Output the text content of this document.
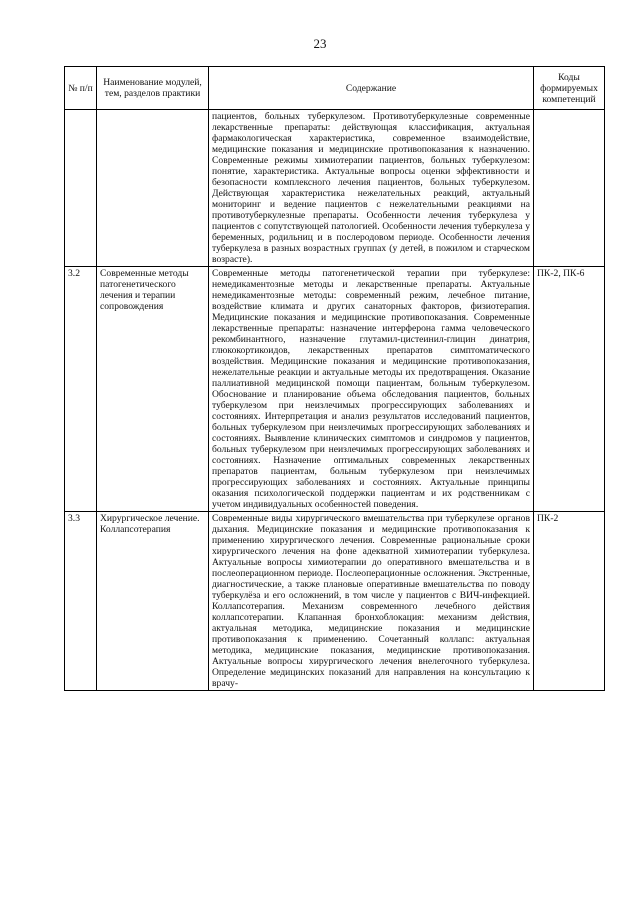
23
№ п/п	Наименование модулей, тем, разделов практики	Содержание	Коды формируемых компетенций
		пациентов, больных туберкулезом. Противотуберкулезные современные лекарственные препараты: действующая классификация, актуальная фармакологическая характеристика, современное взаимодействие, медицинские показания и медицинские противопоказания к назначению. Современные режимы химиотерапии пациентов, больных туберкулезом: понятие, характеристика. Актуальные вопросы оценки эффективности и безопасности комплексного лечения пациентов, больных туберкулезом. Действующая характеристика нежелательных реакций, актуальный мониторинг и ведение пациентов с нежелательными реакциями на противотуберкулезные препараты. Особенности лечения туберкулеза у пациентов с сопутствующей патологией. Особенности лечения туберкулеза у беременных, родильниц и в послеродовом периоде. Особенности лечения туберкулеза в разных возрастных группах (у детей, в пожилом и старческом возрасте).	
3.2	Современные методы патогенетического лечения и терапии сопровождения	Современные методы патогенетической терапии при туберкулезе: немедикаментозные методы и лекарственные препараты. Актуальные немедикаментозные методы: современный режим, лечебное питание, воздействие климата и других санаторных факторов, физиотерапия. Медицинские показания и медицинские противопоказания. Современные лекарственные препараты: назначение интерферона гамма человеческого рекомбинантного, назначение глутамил-цистеинил-глицин динатрия, глюкокортикоидов, лекарственных препаратов симптоматического воздействия. Медицинские показания и медицинские противопоказания, нежелательные реакции и актуальные методы их предотвращения. Оказание паллиативной медицинской помощи пациентам, больным туберкулезом. Обоснование и планирование объема обследования пациентов, больных туберкулезом при неизлечимых прогрессирующих заболеваниях и состояниях. Интерпретация и анализ результатов исследований пациентов, больных туберкулезом при неизлечимых прогрессирующих заболеваниях и состояниях. Выявление клинических симптомов и синдромов у пациентов, больных туберкулезом при неизлечимых прогрессирующих заболеваниях и состояниях. Назначение оптимальных современных лекарственных препаратов пациентам, больным туберкулезом при неизлечимых прогрессирующих заболеваниях и состояниях. Актуальные принципы оказания психологической поддержки пациентам и их родственникам с учетом индивидуальных особенностей поведения.	ПК-2, ПК-6
3.3	Хирургическое лечение. Коллапсотерапия	Современные виды хирургического вмешательства при туберкулезе органов дыхания. Медицинские показания и медицинские противопоказания к применению хирургического лечения. Современные рациональные сроки хирургического лечения на фоне адекватной химиотерапии туберкулеза. Актуальные вопросы химиотерапии до оперативного вмешательства и в послеоперационном периоде. Послеоперационные осложнения. Экстренные, диагностические, а также плановые оперативные вмешательства по поводу туберкулёза и его осложнений, в том числе у пациентов с ВИЧ-инфекцией. Коллапсотерапия. Механизм современного лечебного действия коллапсотерапии. Клапанная бронхоблокация: механизм действия, актуальная методика, медицинские показания и медицинские противопоказания к применению. Сочетанный коллапс: актуальная методика, медицинские показания, медицинские противопоказания. Актуальные вопросы хирургического лечения внелегочного туберкулеза. Определение медицинских показаний для направления на консультацию к врачу-	ПК-2
